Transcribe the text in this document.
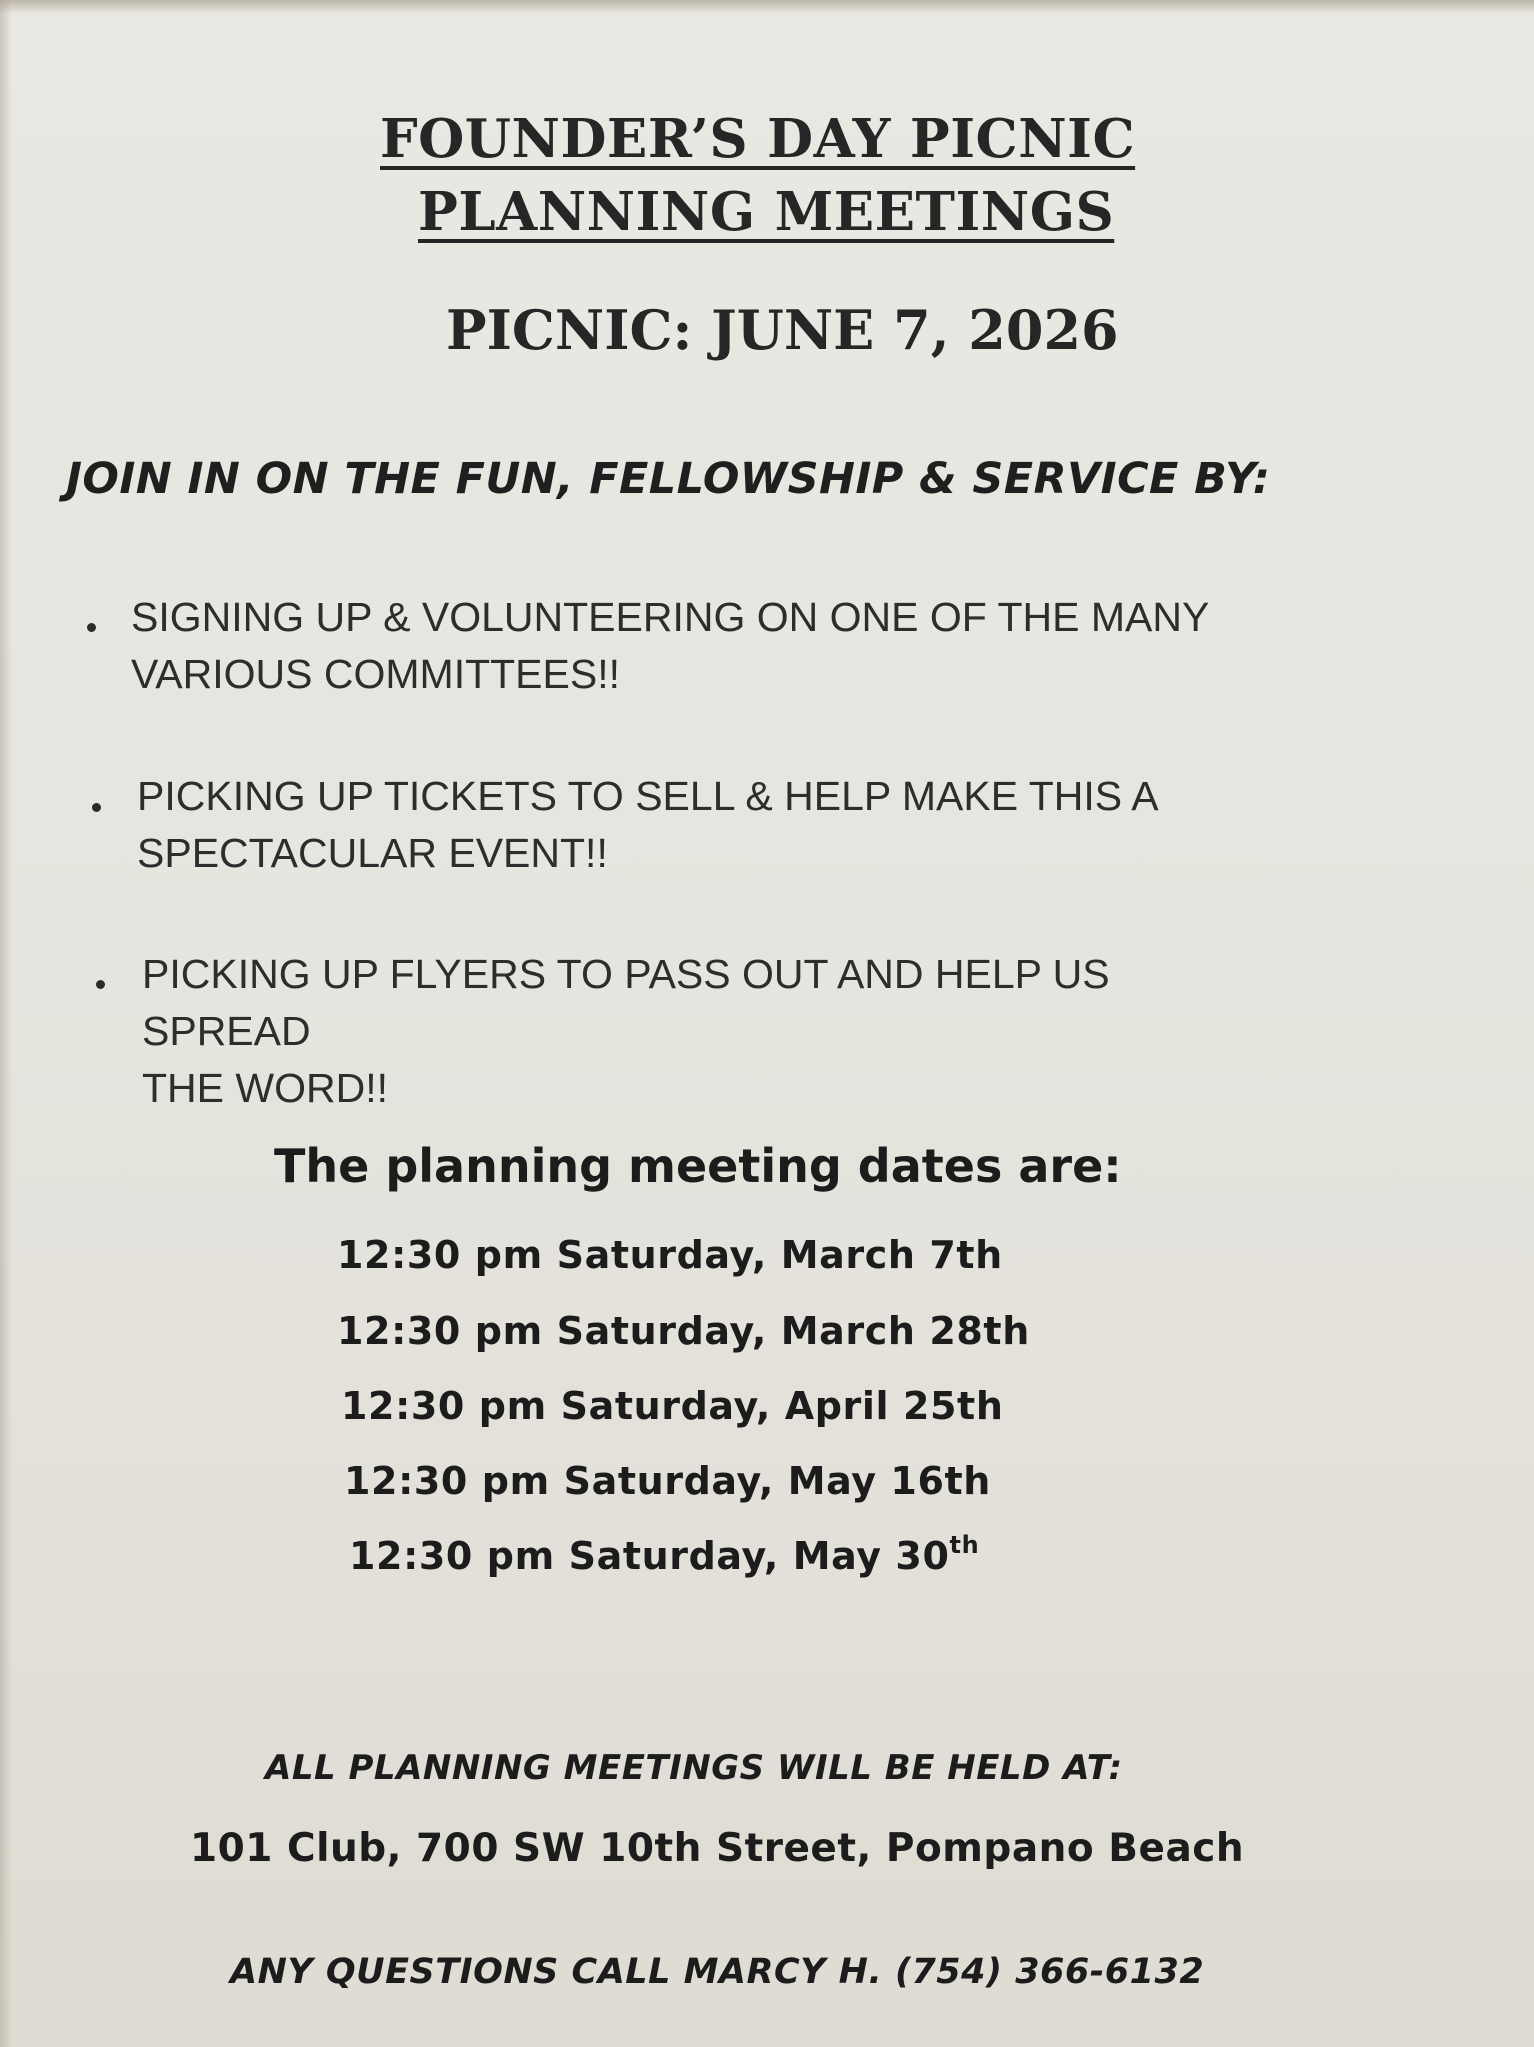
FOUNDER’S DAY PICNIC
PLANNING MEETINGS
PICNIC: JUNE 7, 2026
JOIN IN ON THE FUN, FELLOWSHIP & SERVICE BY:
SIGNING UP & VOLUNTEERING ON ONE OF THE MANY
VARIOUS COMMITTEES!!
PICKING UP TICKETS TO SELL & HELP MAKE THIS A
SPECTACULAR EVENT!!
PICKING UP FLYERS TO PASS OUT AND HELP US SPREAD
THE WORD!!
The planning meeting dates are:
12:30 pm Saturday, March 7th
12:30 pm Saturday, March 28th
12:30 pm Saturday, April 25th
12:30 pm Saturday, May 16th
12:30 pm Saturday, May 30th
ALL PLANNING MEETINGS WILL BE HELD AT:
101 Club, 700 SW 10th Street, Pompano Beach
ANY QUESTIONS CALL MARCY H. (754) 366-6132
